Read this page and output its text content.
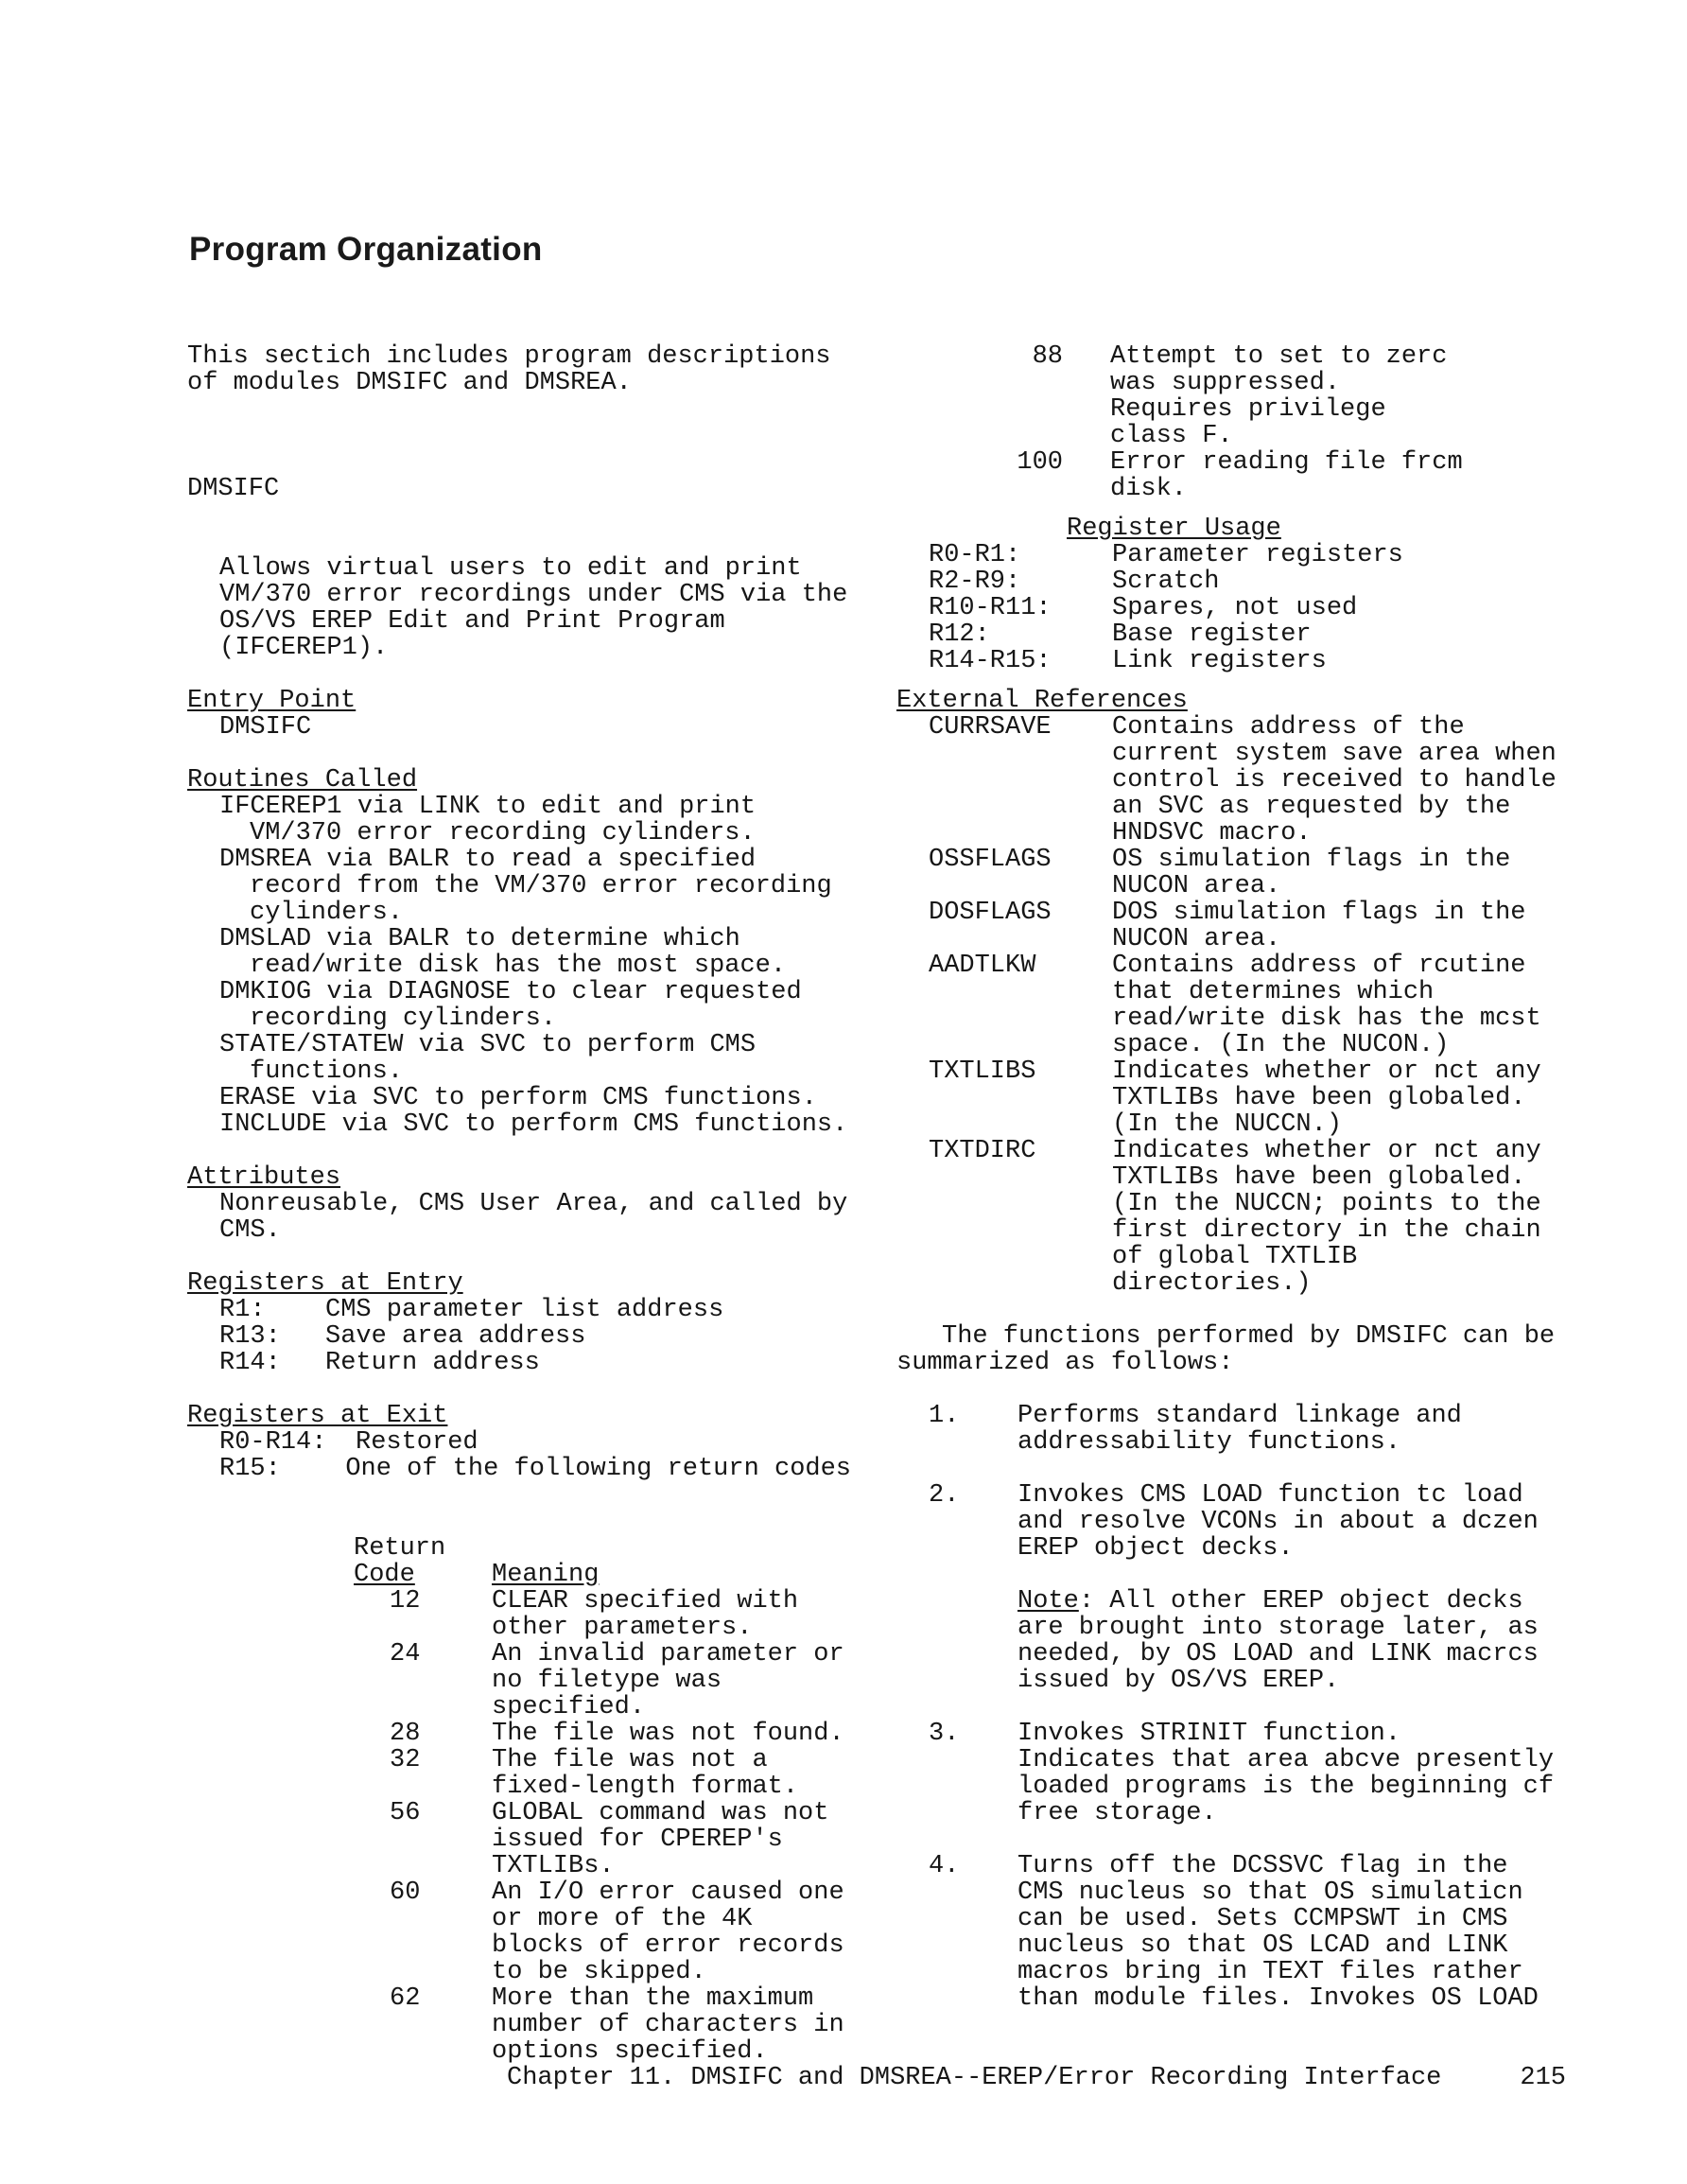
Program Organization
This sectich includes program descriptions
of modules DMSIFC and DMSREA.
DMSIFC
Allows virtual users to edit and print
VM/370 error recordings under CMS via the
OS/VS EREP Edit and Print Program
(IFCEREP1).
Entry Point
DMSIFC
Routines Called
IFCEREP1 via LINK to edit and print
VM/370 error recording cylinders.
DMSREA via BALR to read a specified
record from the VM/370 error recording
cylinders.
DMSLAD via BALR to determine which
read/write disk has the most space.
DMKIOG via DIAGNOSE to clear requested
recording cylinders.
STATE/STATEW via SVC to perform CMS
functions.
ERASE via SVC to perform CMS functions.
INCLUDE via SVC to perform CMS functions.
Attributes
Nonreusable, CMS User Area, and called by
CMS.
Registers at Entry
R1:	CMS parameter list address
R13:	Save area address
R14:	Return address
Registers at Exit
R0-R14:	Restored
R15:	One of the following return codes
Return
Code	Meaning
12	CLEAR specified with
other parameters.
24	An invalid parameter or
no filetype was
specified.
28	The file was not found.
32	The file was not a
fixed-length format.
56	GLOBAL command was not
issued for CPEREP's
TXTLIBs.
60	An I/O error caused one
or more of the 4K
blocks of error records
to be skipped.
62	More than the maximum
number of characters in
options specified.
88	Attempt to set to zerc
was suppressed.
Requires privilege
class F.
100	Error reading file frcm
disk.
Register Usage
R0-R1:	Parameter registers
R2-R9:	Scratch
R10-R11:	Spares, not used
R12:	Base register
R14-R15:	Link registers
External References
CURRSAVE	Contains address of the
current system save area when
control is received to handle
an SVC as requested by the
HNDSVC macro.
OSSFLAGS	OS simulation flags in the
NUCON area.
DOSFLAGS	DOS simulation flags in the
NUCON area.
AADTLKW	Contains address of rcutine
that determines which
read/write disk has the mcst
space. (In the NUCON.)
TXTLIBS	Indicates whether or nct any
TXTLIBs have been globaled.
(In the NUCCN.)
TXTDIRC	Indicates whether or nct any
TXTLIBs have been globaled.
(In the NUCCN; points to the
first directory in the chain
of global TXTLIB
directories.)
The functions performed by DMSIFC can be
summarized as follows:
1.	Performs standard linkage and
addressability functions.
2.	Invokes CMS LOAD function tc load
and resolve VCONs in about a dczen
EREP object decks.
Note: All other EREP object decks
are brought into storage later, as
needed, by OS LOAD and LINK macrcs
issued by OS/VS EREP.
3.	Invokes STRINIT function.
Indicates that area abcve presently
loaded programs is the beginning cf
free storage.
4.	Turns off the DCSSVC flag in the
CMS nucleus so that OS simulaticn
can be used. Sets CCMPSWT in CMS
nucleus so that OS LCAD and LINK
macros bring in TEXT files rather
than module files. Invokes OS LOAD
Chapter 11. DMSIFC and DMSREA--EREP/Error Recording Interface	215
